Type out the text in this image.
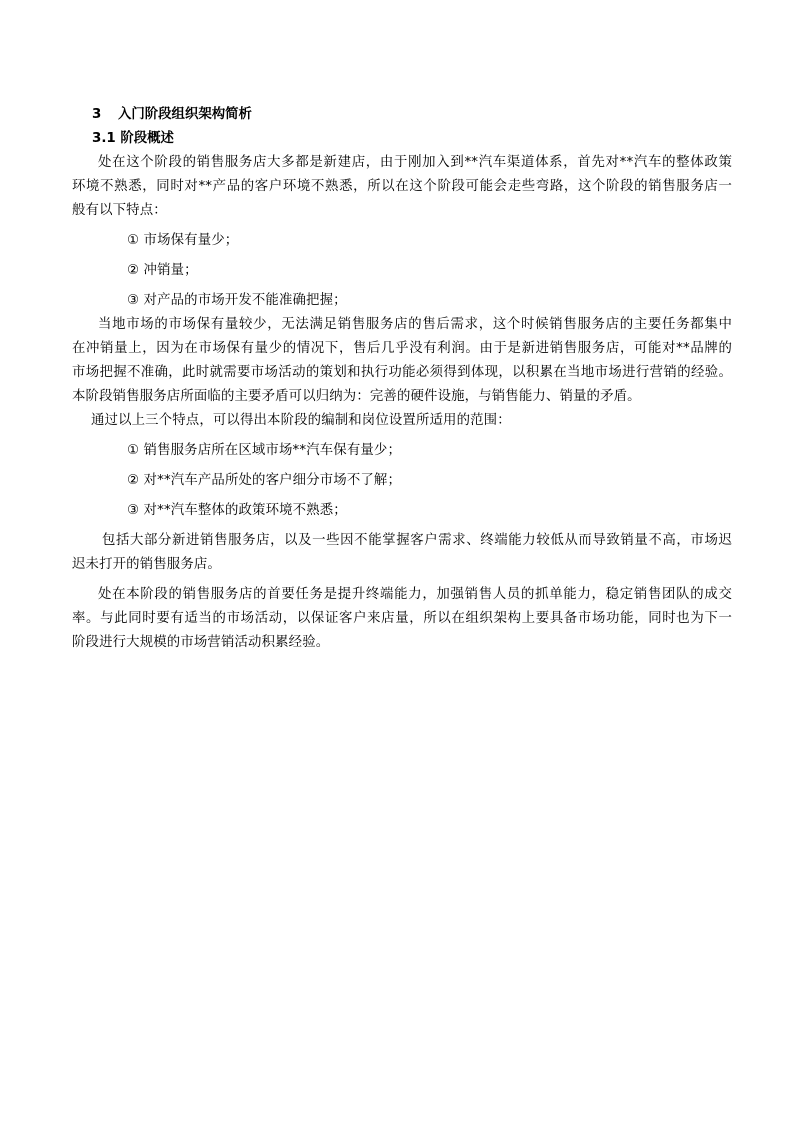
3 入门阶段组织架构简析
3.1 阶段概述
处在这个阶段的销售服务店大多都是新建店，由于刚加入到**汽车渠道体系，首先对**汽车的整体政策
环境不熟悉，同时对**产品的客户环境不熟悉，所以在这个阶段可能会走些弯路，这个阶段的销售服务店一
般有以下特点：
① 市场保有量少；
② 冲销量；
③ 对产品的市场开发不能准确把握；
当地市场的市场保有量较少，无法满足销售服务店的售后需求，这个时候销售服务店的主要任务都集中
在冲销量上，因为在市场保有量少的情况下，售后几乎没有利润。由于是新进销售服务店，可能对**品牌的
市场把握不准确，此时就需要市场活动的策划和执行功能必须得到体现，以积累在当地市场进行营销的经验。
本阶段销售服务店所面临的主要矛盾可以归纳为：完善的硬件设施，与销售能力、销量的矛盾。
通过以上三个特点，可以得出本阶段的编制和岗位设置所适用的范围：
① 销售服务店所在区域市场**汽车保有量少；
② 对**汽车产品所处的客户细分市场不了解；
③ 对**汽车整体的政策环境不熟悉；
包括大部分新进销售服务店，以及一些因不能掌握客户需求、终端能力较低从而导致销量不高，市场迟
迟未打开的销售服务店。
处在本阶段的销售服务店的首要任务是提升终端能力，加强销售人员的抓单能力，稳定销售团队的成交
率。与此同时要有适当的市场活动，以保证客户来店量，所以在组织架构上要具备市场功能，同时也为下一
阶段进行大规模的市场营销活动积累经验。
